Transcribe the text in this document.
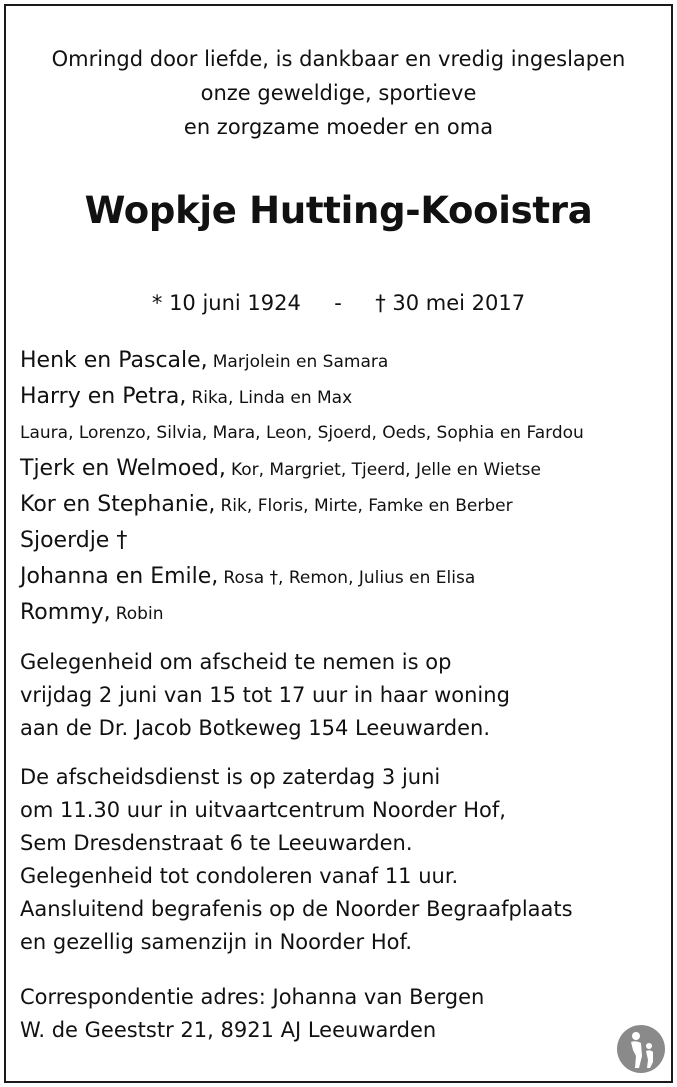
Omringd door liefde, is dankbaar en vredig ingeslapen
onze geweldige, sportieve
en zorgzame moeder en oma
Wopkje Hutting-Kooistra
* 10 juni 1924 - † 30 mei 2017
Henk en Pascale, Marjolein en Samara
Harry en Petra, Rika, Linda en Max
Laura, Lorenzo, Silvia, Mara, Leon, Sjoerd, Oeds, Sophia en Fardou
Tjerk en Welmoed, Kor, Margriet, Tjeerd, Jelle en Wietse
Kor en Stephanie, Rik, Floris, Mirte, Famke en Berber
Sjoerdje †
Johanna en Emile, Rosa †, Remon, Julius en Elisa
Rommy, Robin
Gelegenheid om afscheid te nemen is op
vrijdag 2 juni van 15 tot 17 uur in haar woning
aan de Dr. Jacob Botkeweg 154 Leeuwarden.
De afscheidsdienst is op zaterdag 3 juni
om 11.30 uur in uitvaartcentrum Noorder Hof,
Sem Dresdenstraat 6 te Leeuwarden.
Gelegenheid tot condoleren vanaf 11 uur.
Aansluitend begrafenis op de Noorder Begraafplaats
en gezellig samenzijn in Noorder Hof.
Correspondentie adres: Johanna van Bergen
W. de Geeststr 21, 8921 AJ Leeuwarden
